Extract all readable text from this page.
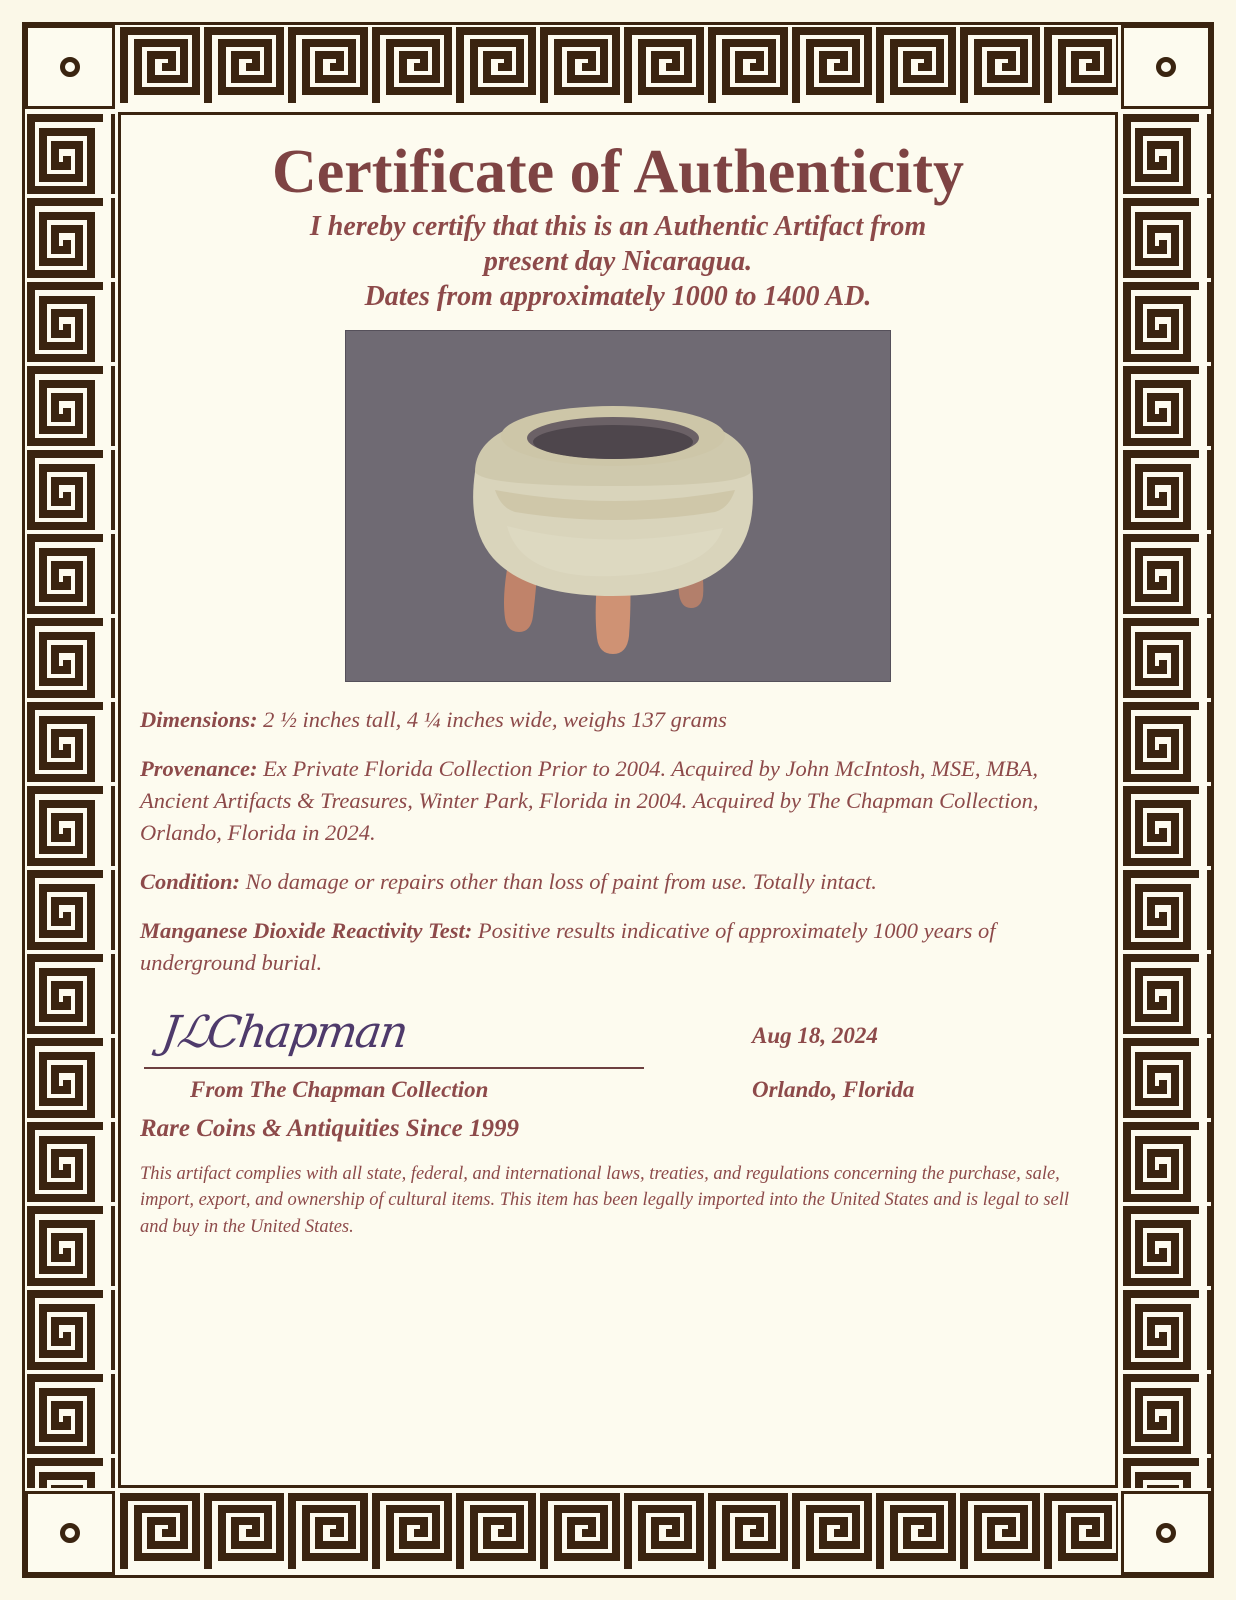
Certificate of Authenticity
I hereby certify that this is an Authentic Artifact from
present day Nicaragua.
Dates from approximately 1000 to 1400 AD.

Dimensions: 2 ½ inches tall, 4 ¼ inches wide, weighs 137 grams

Provenance: Ex Private Florida Collection Prior to 2004. Acquired by John McIntosh, MSE, MBA, Ancient Artifacts & Treasures, Winter Park, Florida in 2004. Acquired by The Chapman Collection, Orlando, Florida in 2024.

Condition: No damage or repairs other than loss of paint from use. Totally intact.

Manganese Dioxide Reactivity Test: Positive results indicative of approximately 1000 years of underground burial.

JℒChapman
From The Chapman Collection
Aug 18, 2024
Orlando, Florida
Rare Coins & Antiquities Since 1999
This artifact complies with all state, federal, and international laws, treaties, and regulations concerning the purchase, sale, import, export, and ownership of cultural items. This item has been legally imported into the United States and is legal to sell and buy in the United States.
